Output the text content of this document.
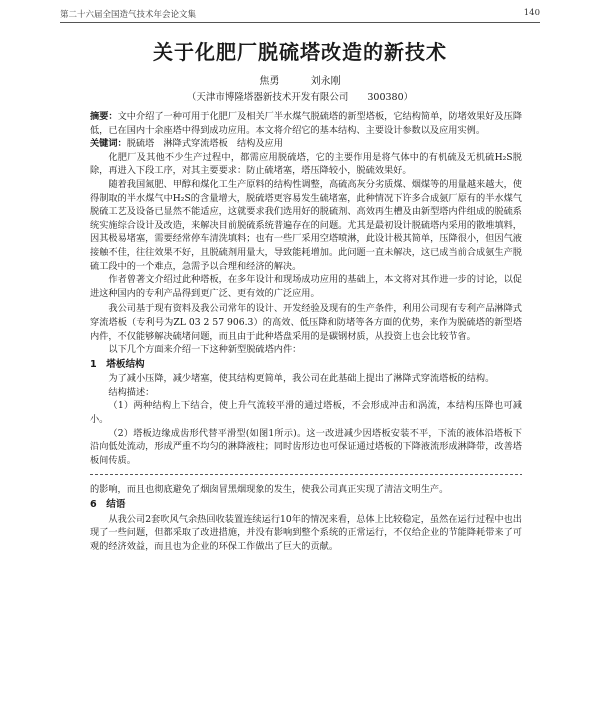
第二十六届全国造气技术年会论文集	140
关于化肥厂脱硫塔改造的新技术
焦勇	刘永刚
（天津市博隆塔器新技术开发有限公司　　300380）
摘要：文中介绍了一种可用于化肥厂及相关厂半水煤气脱硫塔的新型塔板，它结构简单，防堵效果好及压降低，已在国内十余座塔中得到成功应用。本文将介绍它的基本结构、主要设计参数以及应用实例。
关键词：脱硫塔　淋降式穿流塔板　结构及应用

化肥厂及其他不少生产过程中，都需应用脱硫塔，它的主要作用是将气体中的有机硫及无机硫H₂S脱除，再进入下段工序，对其主要要求：防止硫堵塞，塔压降较小，脱硫效果好。

随着我国氮肥、甲醇和煤化工生产原料的结构性调整，高硫高灰分劣质煤、烟煤等的用量越来越大，使得制取的半水煤气中H₂S的含量增大，脱硫塔更容易发生硫堵塞，此种情况下许多合成氨厂原有的半水煤气脱硫工艺及设备已显然不能适应，这就要求我们选用好的脱硫剂、高效再生槽及由新型塔内件组成的脱硫系统实施综合设计及改造，来解决目前脱硫系统普遍存在的问题。尤其是最初设计脱硫塔内采用的散堆填料，因其极易堵塞，需要经常停车清洗填料；也有一些厂采用空塔喷淋，此设计极其简单，压降很小，但因气液接触不佳，往往效果不好，且脱硫剂用量大，导致能耗增加。此问题一直未解决，这已成当前合成氨生产脱硫工段中的一个难点，急需予以合理和经济的解决。

作者曾著文介绍过此种塔板，在多年设计和现场成功应用的基础上，本文将对其作进一步的讨论，以促进这种国内的专利产品得到更广泛、更有效的广泛应用。

我公司基于现有资料及我公司常年的设计、开发经验及现有的生产条件，利用公司现有专利产品淋降式穿流塔板（专利号为ZL 03 2 57 906.3）的高效、低压降和防堵等各方面的优势，来作为脱硫塔的新型塔内件，不仅能够解决硫堵问题，而且由于此种塔盘采用的是碳钢材质，从投资上也会比较节省。

以下几个方面来介绍一下这种新型脱硫塔内件：

1　塔板结构

为了减小压降，减少堵塞，使其结构更简单，我公司在此基础上提出了淋降式穿流塔板的结构。

结构描述：

（1）两种结构上下结合，使上升气流较平滑的通过塔板，不会形成冲击和涡流，本结构压降也可减小。

（2）塔板边缘成齿形代替平滑型(如图1所示)。这一改进减少因塔板安装不平，下流的液体沿塔板下沿向低处流动，形成严重不均匀的淋降液柱；同时齿形边也可保证通过塔板的下降液流形成淋降带，改善塔板间传质。

的影响，而且也彻底避免了烟囱冒黑烟现象的发生，使我公司真正实现了清洁文明生产。

6　结语

从我公司2套吹风气余热回收装置连续运行10年的情况来看，总体上比较稳定，虽然在运行过程中也出现了一些问题，但都采取了改进措施，并没有影响到整个系统的正常运行，不仅给企业的节能降耗带来了可观的经济效益，而且也为企业的环保工作做出了巨大的贡献。
